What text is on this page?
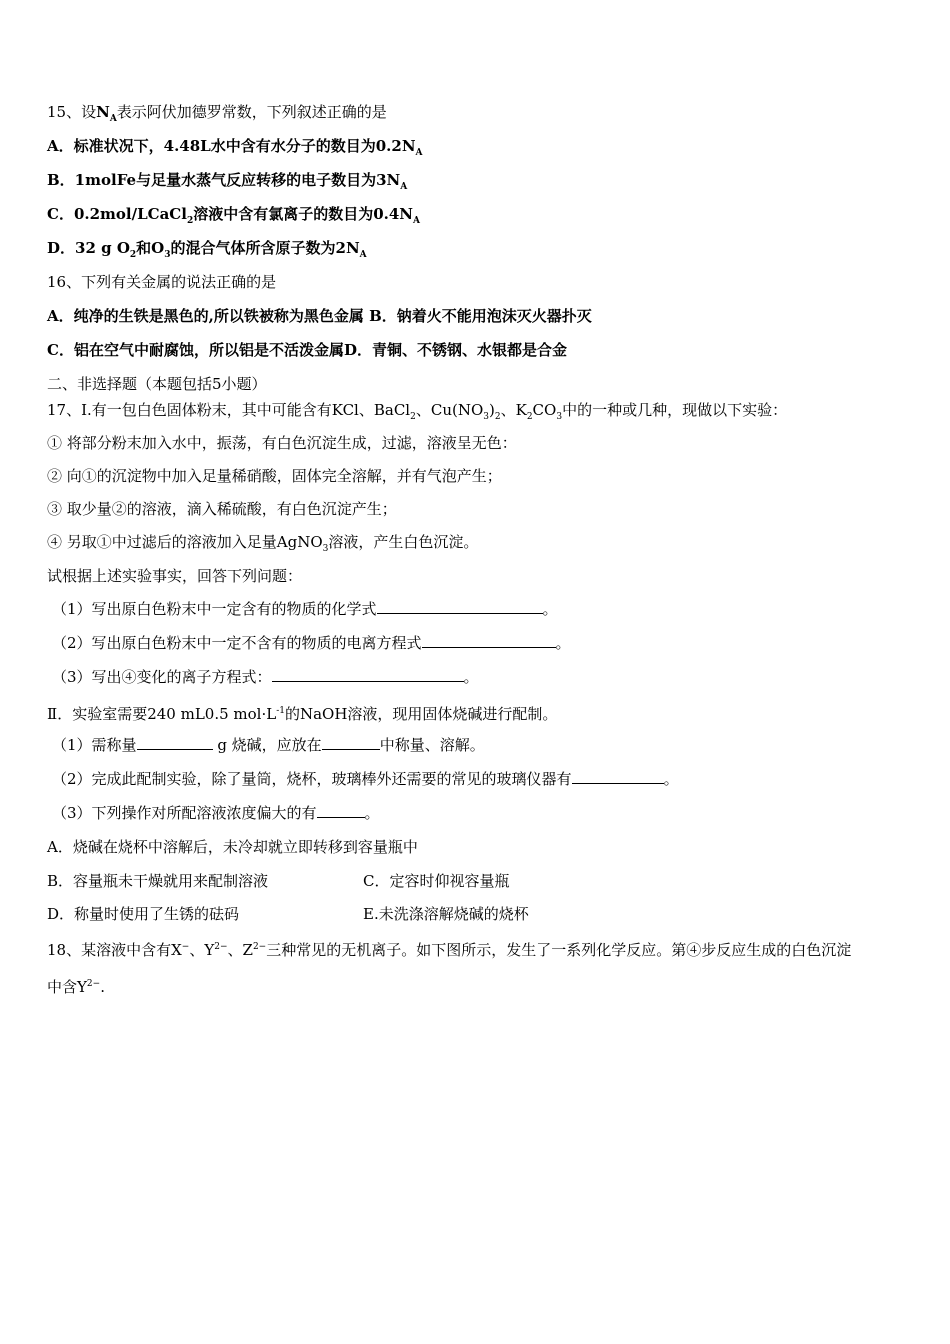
15、设$N_A$表示阿伏加德罗常数，下列叙述正确的是
A．标准状况下，4.48L水中含有水分子的数目为$0.2N_A$
B．1molFe与足量水蒸气反应转移的电子数目为$3N_A$
C．0.2mol/LCaCl$_2$溶液中含有氯离子的数目为$0.4N_A$
D．32 g $O_2$和$O_3$的混合气体所含原子数为$2N_A$
16、下列有关金属的说法正确的是
A．纯净的生铁是黑色的,所以铁被称为黑色金属 B．钠着火不能用泡沫灭火器扑灭
C．铝在空气中耐腐蚀，所以铝是不活泼金属D．青铜、不锈钢、水银都是合金
二、非选择题（本题包括5小题）
17、Ⅰ.有一包白色固体粉末，其中可能含有KCl、BaCl$_2$、$Cu(NO_3)_2$、$K_2CO_3$中的一种或几种，现做以下实验：
① 将部分粉末加入水中，振荡，有白色沉淀生成，过滤，溶液呈无色：
② 向①的沉淀物中加入足量稀硝酸，固体完全溶解，并有气泡产生；
③ 取少量②的溶液，滴入稀硫酸，有白色沉淀产生；
④ 另取①中过滤后的溶液加入足量AgNO$_3$溶液，产生白色沉淀。
试根据上述实验事实，回答下列问题：
（1）写出原白色粉末中一定含有的物质的化学式	。
（2）写出原白色粉末中一定不含有的物质的电离方程式	。
（3）写出④变化的离子方程式：	。
Ⅱ．实验室需要240 mL0.5 $mol\cdot L^{-1}$的NaOH溶液，现用固体烧碱进行配制。
（1）需称量	g 烧碱，应放在	中称量、溶解。
（2）完成此配制实验，除了量筒，烧杯，玻璃棒外还需要的常见的玻璃仪器有	。
（3）下列操作对所配溶液浓度偏大的有	。
A．烧碱在烧杯中溶解后，未冷却就立即转移到容量瓶中
B．容量瓶未干燥就用来配制溶液	C．定容时仰视容量瓶
D．称量时使用了生锈的砝码	E.未洗涤溶解烧碱的烧杯
18、某溶液中含有X−、$Y^{2-}$、$Z^{2-}$三种常见的无机离子。如下图所示，发生了一系列化学反应。第④步反应生成的白色沉淀
中含$Y^{2-}$.
